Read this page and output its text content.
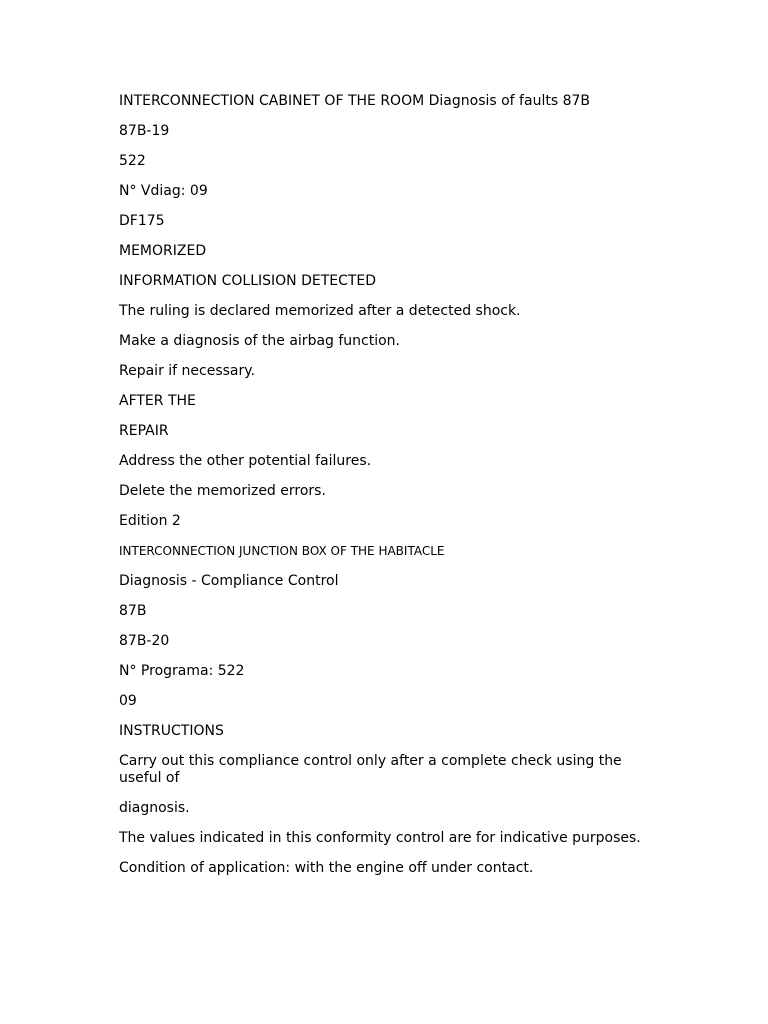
INTERCONNECTION CABINET OF THE ROOM Diagnosis of faults 87B
87B-19
522
N° Vdiag: 09
DF175
MEMORIZED
INFORMATION COLLISION DETECTED
The ruling is declared memorized after a detected shock.
Make a diagnosis of the airbag function.
Repair if necessary.
AFTER THE
REPAIR
Address the other potential failures.
Delete the memorized errors.
Edition 2
INTERCONNECTION JUNCTION BOX OF THE HABITACLE
Diagnosis - Compliance Control
87B
87B-20
N° Programa: 522
09
INSTRUCTIONS
Carry out this compliance control only after a complete check using the useful of
diagnosis.
The values indicated in this conformity control are for indicative purposes.
Condition of application: with the engine off under contact.
